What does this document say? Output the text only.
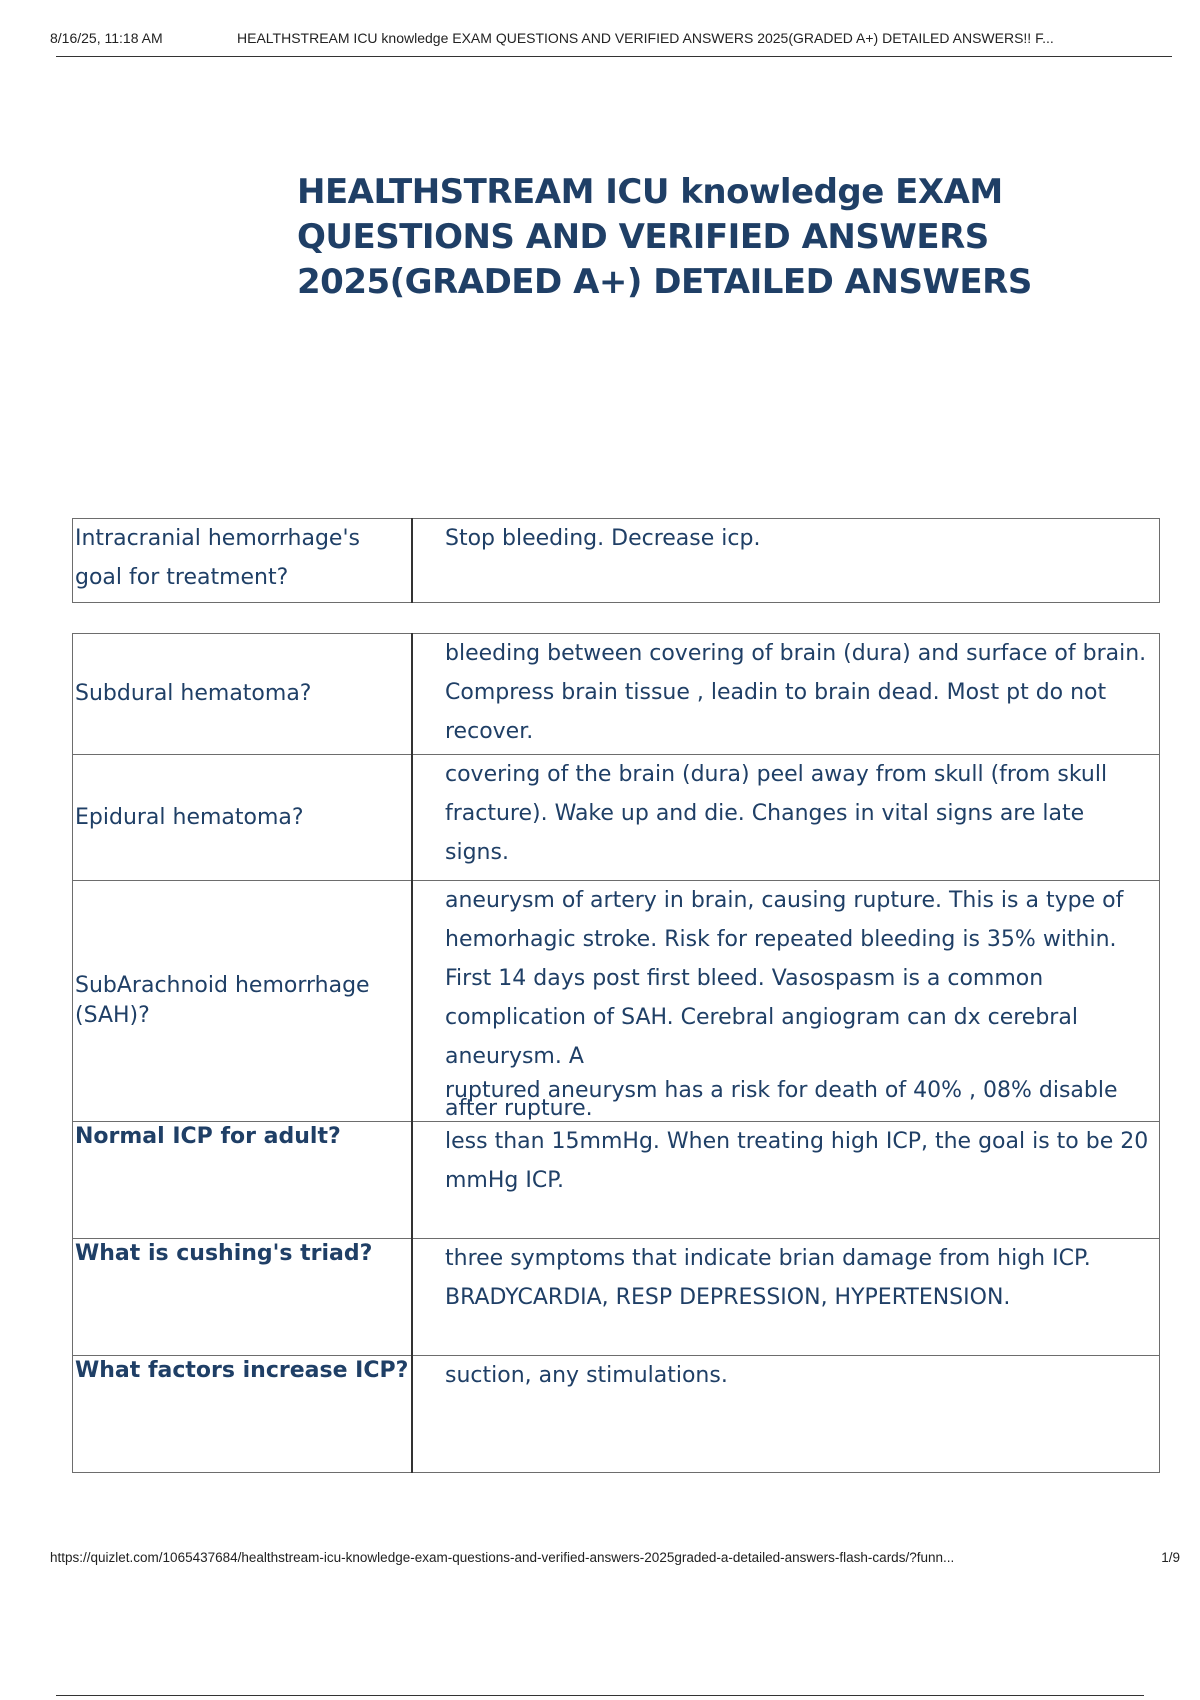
8/16/25, 11:18 AM	HEALTHSTREAM ICU knowledge EXAM QUESTIONS AND VERIFIED ANSWERS 2025(GRADED A+) DETAILED ANSWERS!! F...
HEALTHSTREAM ICU knowledge EXAM QUESTIONS AND VERIFIED ANSWERS 2025(GRADED A+) DETAILED ANSWERS
Intracranial hemorrhage's goal for treatment?	Stop bleeding. Decrease icp.
Subdural hematoma?	bleeding between covering of brain (dura) and surface of brain. Compress brain tissue , leadin to brain dead. Most pt do not recover.
Epidural hematoma?	covering of the brain (dura) peel away from skull (from skull fracture). Wake up and die. Changes in vital signs are late signs.
SubArachnoid hemorrhage (SAH)?	aneurysm of artery in brain, causing rupture. This is a type of hemorhagic stroke. Risk for repeated bleeding is 35% within. First 14 days post first bleed. Vasospasm is a common complication of SAH. Cerebral angiogram can dx cerebral aneurysm. A
ruptured aneurysm has a risk for death of 40% , 08% disable after rupture.

Normal ICP for adult?	less than 15mmHg. When treating high ICP, the goal is to be 20 mmHg ICP.
What is cushing's triad?	three symptoms that indicate brian damage from high ICP. BRADYCARDIA, RESP DEPRESSION, HYPERTENSION.
What factors increase ICP?	suction, any stimulations.
https://quizlet.com/1065437684/healthstream-icu-knowledge-exam-questions-and-verified-answers-2025graded-a-detailed-answers-flash-cards/?funn...	1/9
